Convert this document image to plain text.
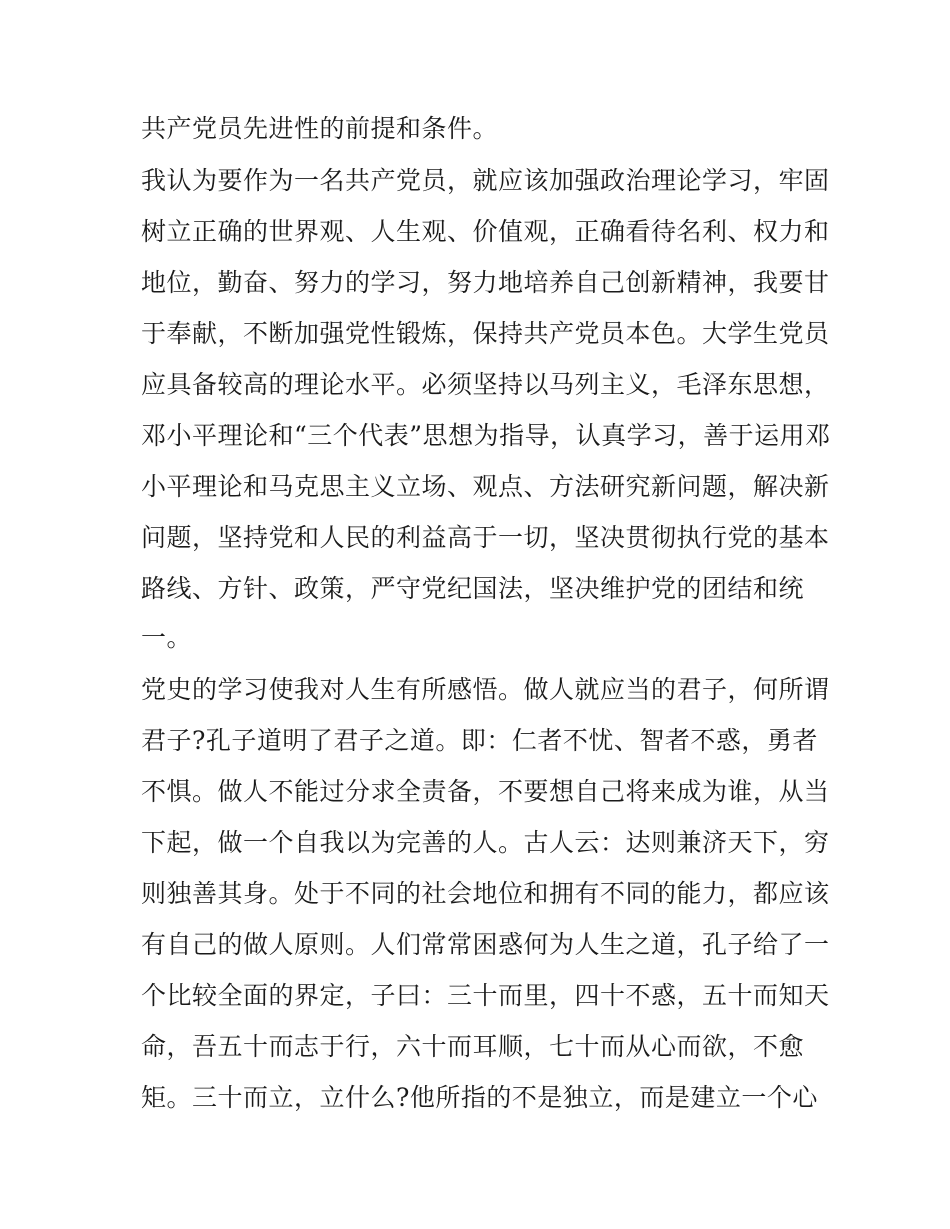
共产党员先进性的前提和条件。
我认为要作为一名共产党员，就应该加强政治理论学习，牢固
树立正确的世界观、人生观、价值观，正确看待名利、权力和
地位，勤奋、努力的学习，努力地培养自己创新精神，我要甘
于奉献，不断加强党性锻炼，保持共产党员本色。大学生党员
应具备较高的理论水平。必须坚持以马列主义，毛泽东思想，
邓小平理论和“三个代表”思想为指导，认真学习，善于运用邓
小平理论和马克思主义立场、观点、方法研究新问题，解决新
问题，坚持党和人民的利益高于一切，坚决贯彻执行党的基本
路线、方针、政策，严守党纪国法，坚决维护党的团结和统
一。
党史的学习使我对人生有所感悟。做人就应当的君子，何所谓
君子?孔子道明了君子之道。即：仁者不忧、智者不惑，勇者
不惧。做人不能过分求全责备，不要想自己将来成为谁，从当
下起，做一个自我以为完善的人。古人云：达则兼济天下，穷
则独善其身。处于不同的社会地位和拥有不同的能力，都应该
有自己的做人原则。人们常常困惑何为人生之道，孔子给了一
个比较全面的界定，子曰：三十而里，四十不惑，五十而知天
命，吾五十而志于行，六十而耳顺，七十而从心而欲，不愈
矩。三十而立，立什么?他所指的不是独立，而是建立一个心
